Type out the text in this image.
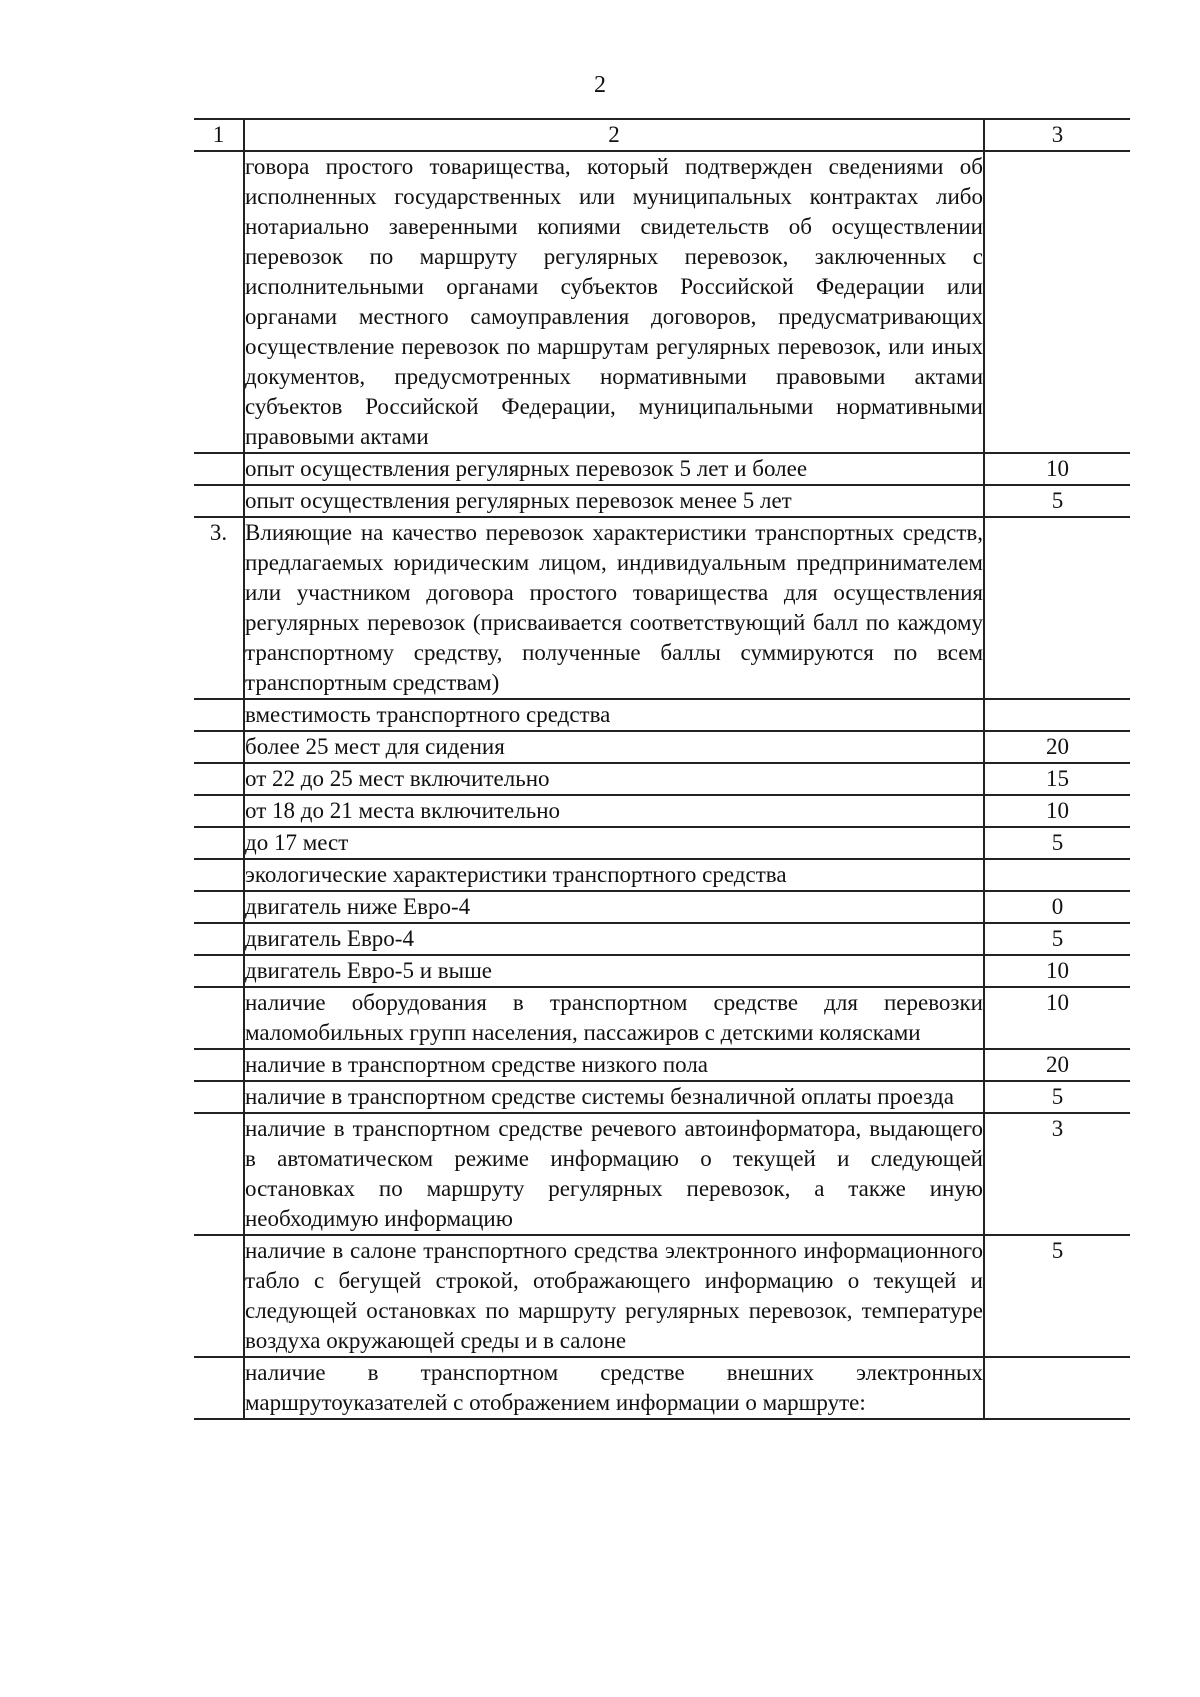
2
1	2	3
	говора простого товарищества, который подтвержден сведениями об исполненных государственных или муниципальных контрактах либо нотариально заверенными копиями свидетельств об осуществлении перевозок по маршруту регулярных перевозок, заключенных с исполнительными органами субъектов Российской Федерации или органами местного самоуправления договоров, предусматривающих осуществление перевозок по маршрутам регулярных перевозок, или иных документов, предусмотренных нормативными правовыми актами субъектов Российской Федерации, муниципальными нормативными правовыми актами	
	опыт осуществления регулярных перевозок 5 лет и более	10
	опыт осуществления регулярных перевозок менее 5 лет	5
3.	Влияющие на качество перевозок характеристики транспортных средств, предлагаемых юридическим лицом, индивидуальным предпринимателем или участником договора простого товарищества для осуществления регулярных перевозок (присваивается соответствующий балл по каждому транспортному средству, полученные баллы суммируются по всем транспортным средствам)	
	вместимость транспортного средства	
	более 25 мест для сидения	20
	от 22 до 25 мест включительно	15
	от 18 до 21 места включительно	10
	до 17 мест	5
	экологические характеристики транспортного средства	
	двигатель ниже Евро-4	0
	двигатель Евро-4	5
	двигатель Евро-5 и выше	10
	наличие оборудования в транспортном средстве для перевозки маломобильных групп населения, пассажиров с детскими колясками	10
	наличие в транспортном средстве низкого пола	20
	наличие в транспортном средстве системы безналичной оплаты проезда	5
	наличие в транспортном средстве речевого автоинформатора, выдающего в автоматическом режиме информацию о текущей и следующей остановках по маршруту регулярных перевозок, а также иную необходимую информацию	3
	наличие в салоне транспортного средства электронного информационного табло с бегущей строкой, отображающего информацию о текущей и следующей остановках по маршруту регулярных перевозок, температуре воздуха окружающей среды и в салоне	5
	наличие в транспортном средстве внешних электронных маршрутоуказателей с отображением информации о маршруте:	
